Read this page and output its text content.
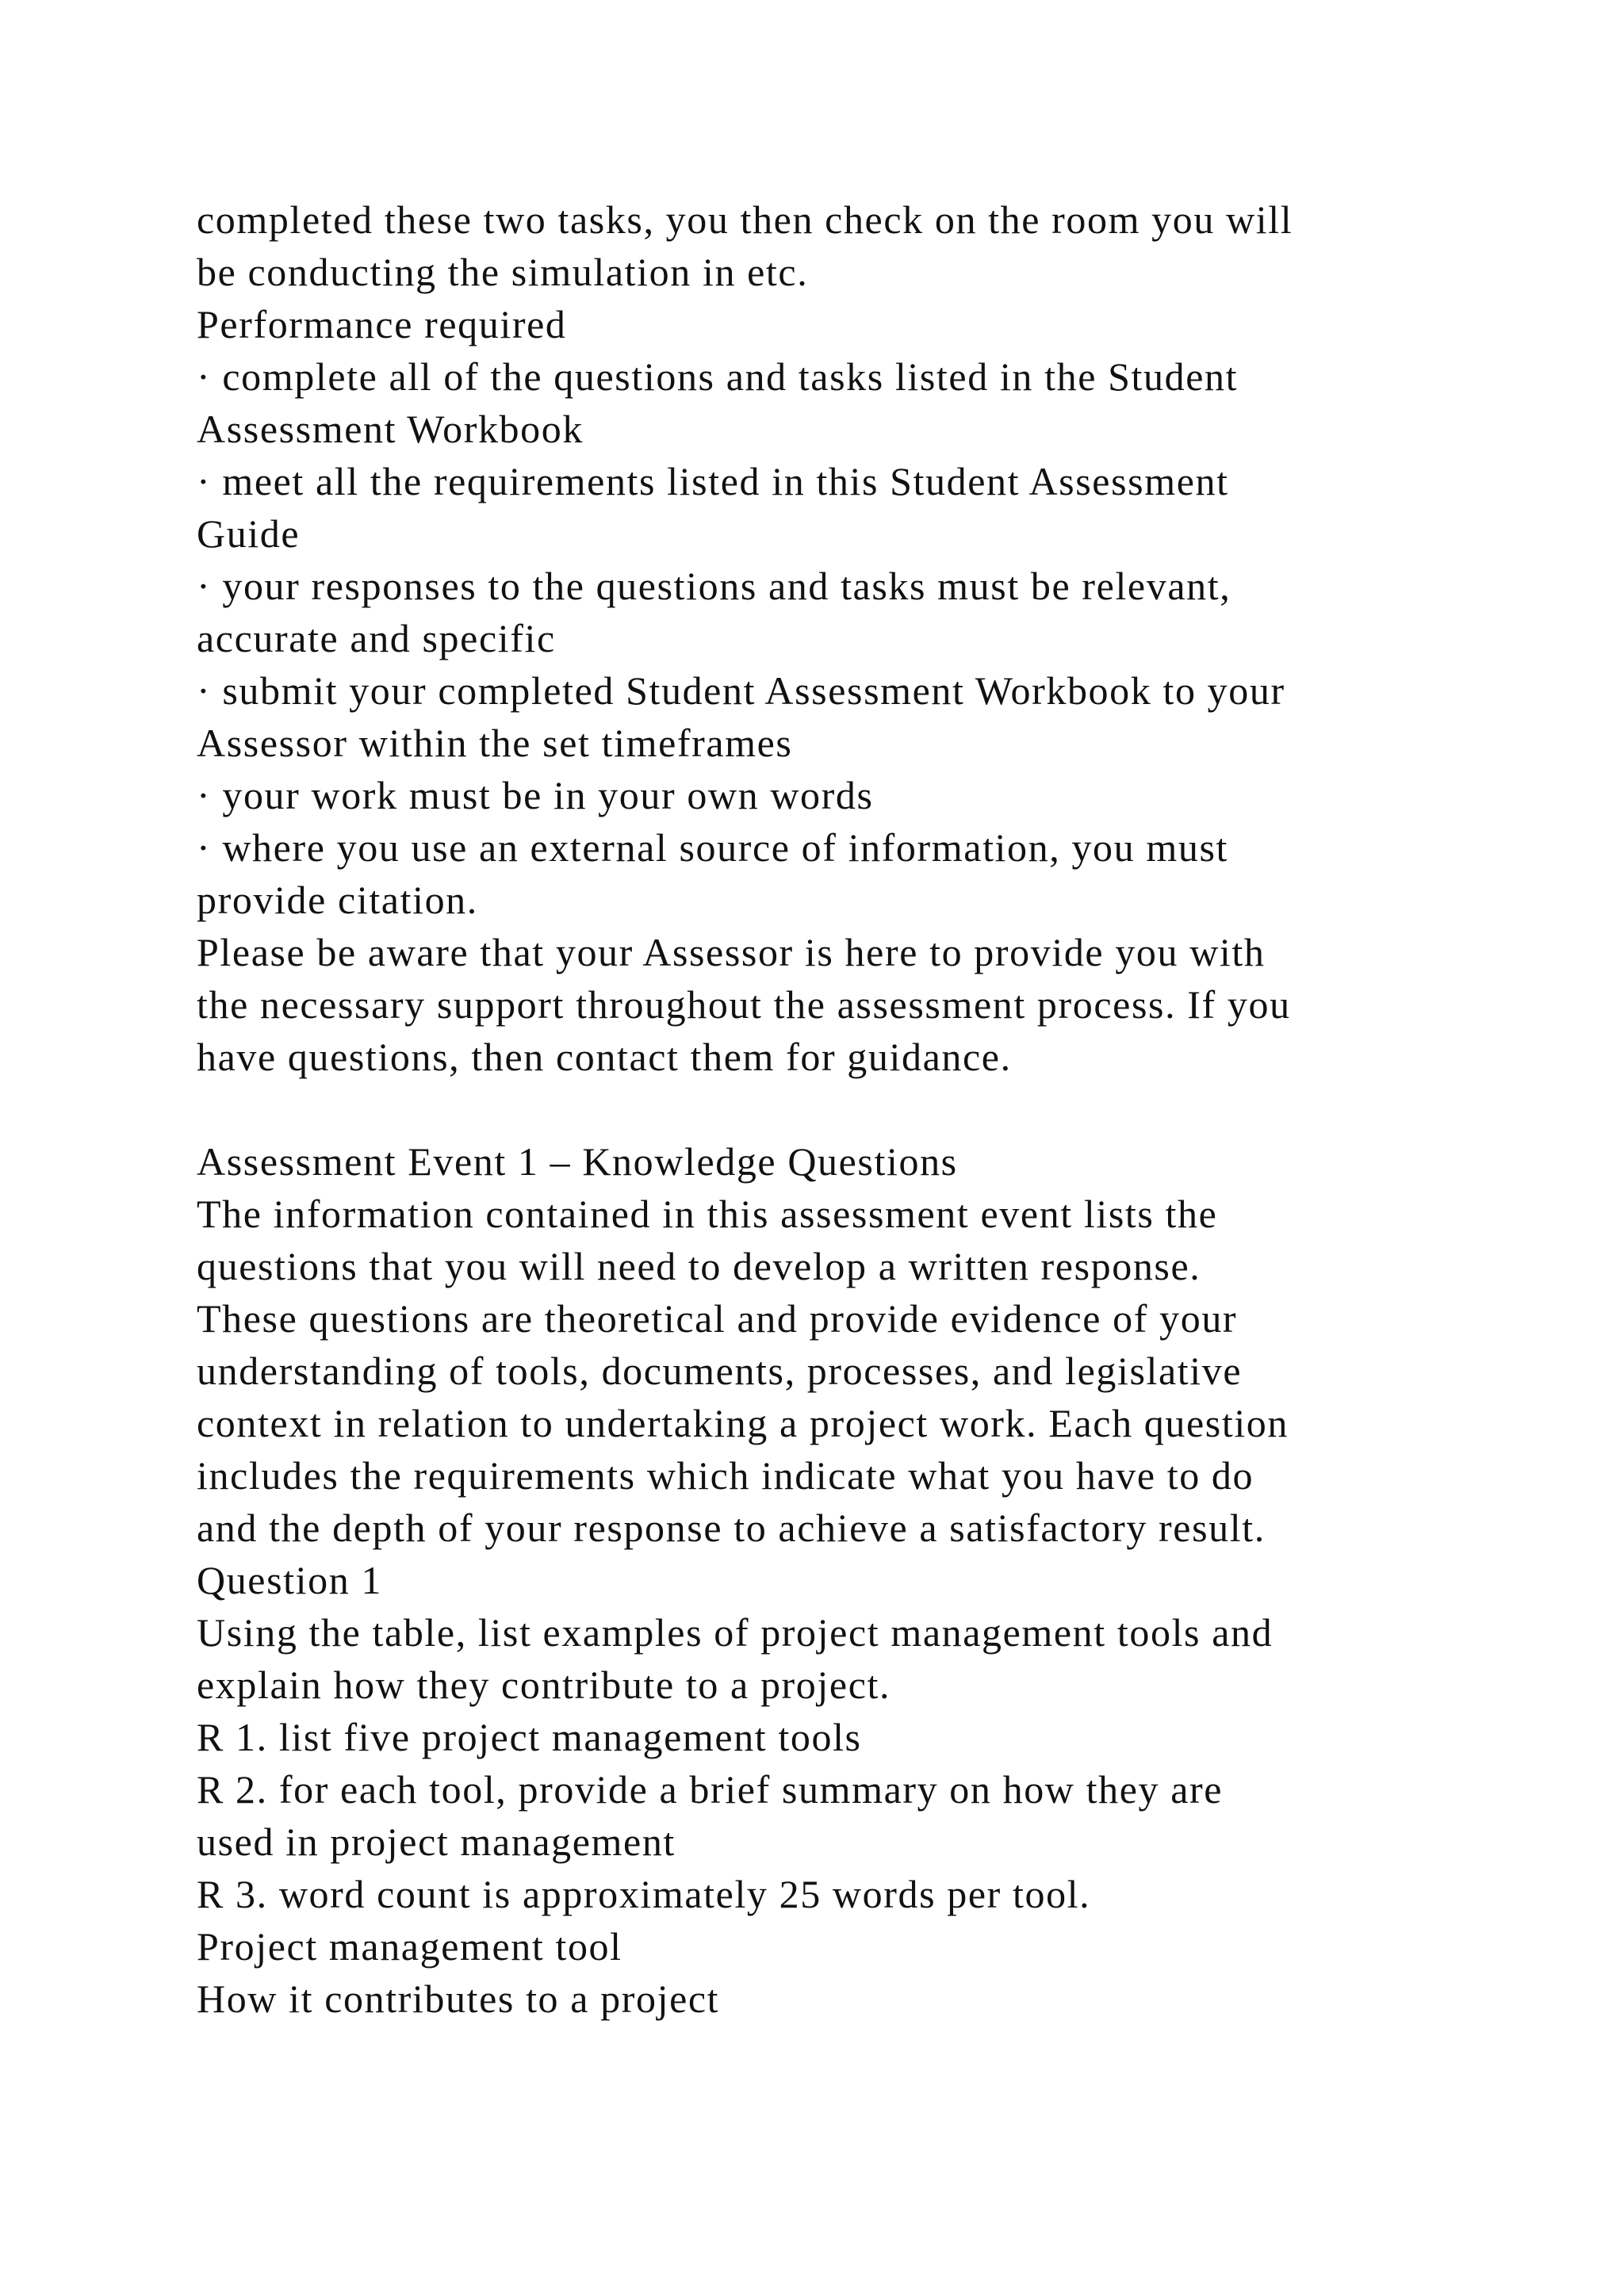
completed these two tasks, you then check on the room you will
be conducting the simulation in etc.
Performance required
· complete all of the questions and tasks listed in the Student
Assessment Workbook
· meet all the requirements listed in this Student Assessment
Guide
· your responses to the questions and tasks must be relevant,
accurate and specific
· submit your completed Student Assessment Workbook to your
Assessor within the set timeframes
· your work must be in your own words
· where you use an external source of information, you must
provide citation.
Please be aware that your Assessor is here to provide you with
the necessary support throughout the assessment process. If you
have questions, then contact them for guidance.
Assessment Event 1 – Knowledge Questions
The information contained in this assessment event lists the
questions that you will need to develop a written response.
These questions are theoretical and provide evidence of your
understanding of tools, documents, processes, and legislative
context in relation to undertaking a project work. Each question
includes the requirements which indicate what you have to do
and the depth of your response to achieve a satisfactory result.
Question 1
Using the table, list examples of project management tools and
explain how they contribute to a project.
R 1. list five project management tools
R 2. for each tool, provide a brief summary on how they are
used in project management
R 3. word count is approximately 25 words per tool.
Project management tool
How it contributes to a project
